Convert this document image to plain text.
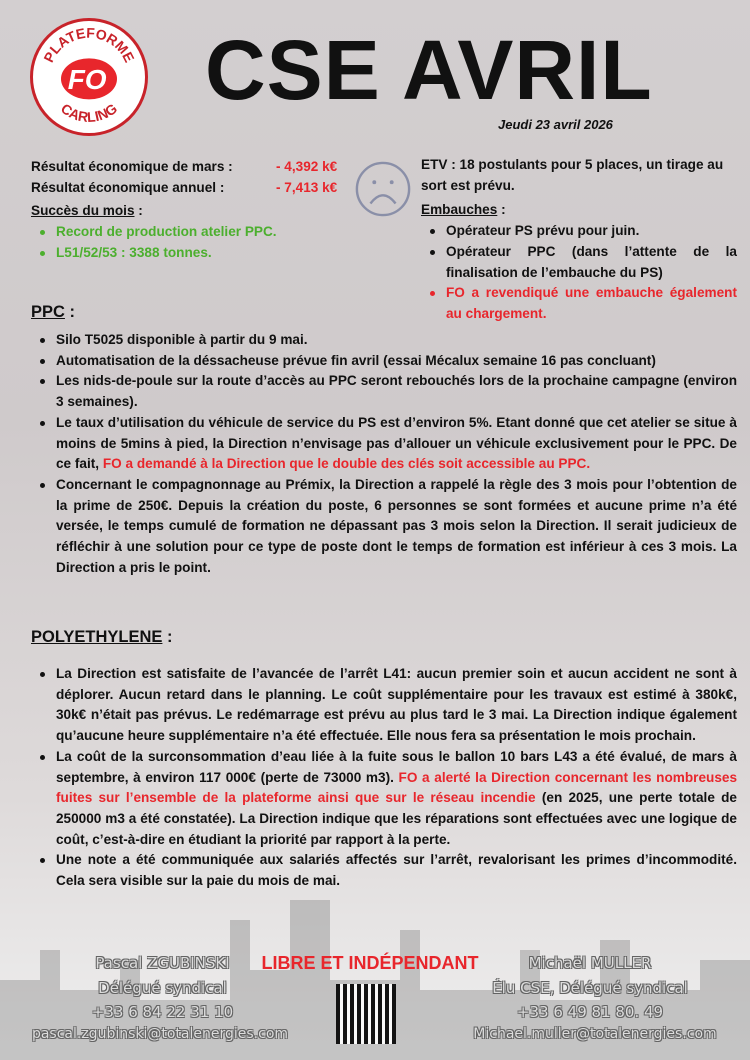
PLATEFORME
CARLING
FO CSE AVRIL
Jeudi 23 avril 2026
Résultat économique de mars :	- 4,392 k€
Résultat économique annuel :	- 7,413 k€
Succès du mois :
Record de production atelier PPC.
L51/52/53 : 3388 tonnes.
ETV : 18 postulants pour 5 places, un tirage au sort est prévu.
Embauches :
Opérateur PS prévu pour juin.
Opérateur PPC (dans l’attente de la finalisation de l’embauche du PS)
FO a revendiqué une embauche également au chargement.
PPC :
Silo T5025 disponible à partir du 9 mai.
Automatisation de la déssacheuse prévue fin avril (essai Mécalux semaine 16 pas concluant)
Les nids-de-poule sur la route d’accès au PPC seront rebouchés lors de la prochaine campagne (environ 3 semaines).
Le taux d’utilisation du véhicule de service du PS est d’environ 5%. Etant donné que cet atelier se situe à moins de 5mins à pied, la Direction n’envisage pas d’allouer un véhicule exclusivement pour le PPC. De ce fait, FO a demandé à la Direction que le double des clés soit accessible au PPC.
Concernant le compagnonnage au Prémix, la Direction a rappelé la règle des 3 mois pour l’obtention de la prime de 250€. Depuis la création du poste, 6 personnes se sont formées et aucune prime n’a été versée, le temps cumulé de formation ne dépassant pas 3 mois selon la Direction. Il serait judicieux de réfléchir à une solution pour ce type de poste dont le temps de formation est inférieur à ces 3 mois. La Direction a pris le point.
POLYETHYLENE :
La Direction est satisfaite de l’avancée de l’arrêt L41: aucun premier soin et aucun accident ne sont à déplorer. Aucun retard dans le planning. Le coût supplémentaire pour les travaux est estimé à 380k€, 30k€ n’était pas prévus. Le redémarrage est prévu au plus tard le 3 mai. La Direction indique également qu’aucune heure supplémentaire n’a été effectuée. Elle nous fera sa présentation le mois prochain.
La coût de la surconsommation d’eau liée à la fuite sous le ballon 10 bars L43 a été évalué, de mars à septembre, à environ 117 000€ (perte de 73000 m3). FO a alerté la Direction concernant les nombreuses fuites sur l’ensemble de la plateforme ainsi que sur le réseau incendie (en 2025, une perte totale de 250000 m3 a été constatée). La Direction indique que les réparations sont effectuées avec une logique de coût, c’est-à-dire en étudiant la priorité par rapport à la perte.
Une note a été communiquée aux salariés affectés sur l’arrêt, revalorisant les primes d’incommodité. Cela sera visible sur la paie du mois de mai.
Pascal ZGUBINSKI
Délégué syndical
+33 6 84 22 31 10
pascal.zgubinski@totalenergies.com
LIBRE ET INDÉPENDANT	Michaël MULLER
Élu CSE, Délégué syndical
+33 6 49 81 80. 49
Michael.muller@totalenergies.com
